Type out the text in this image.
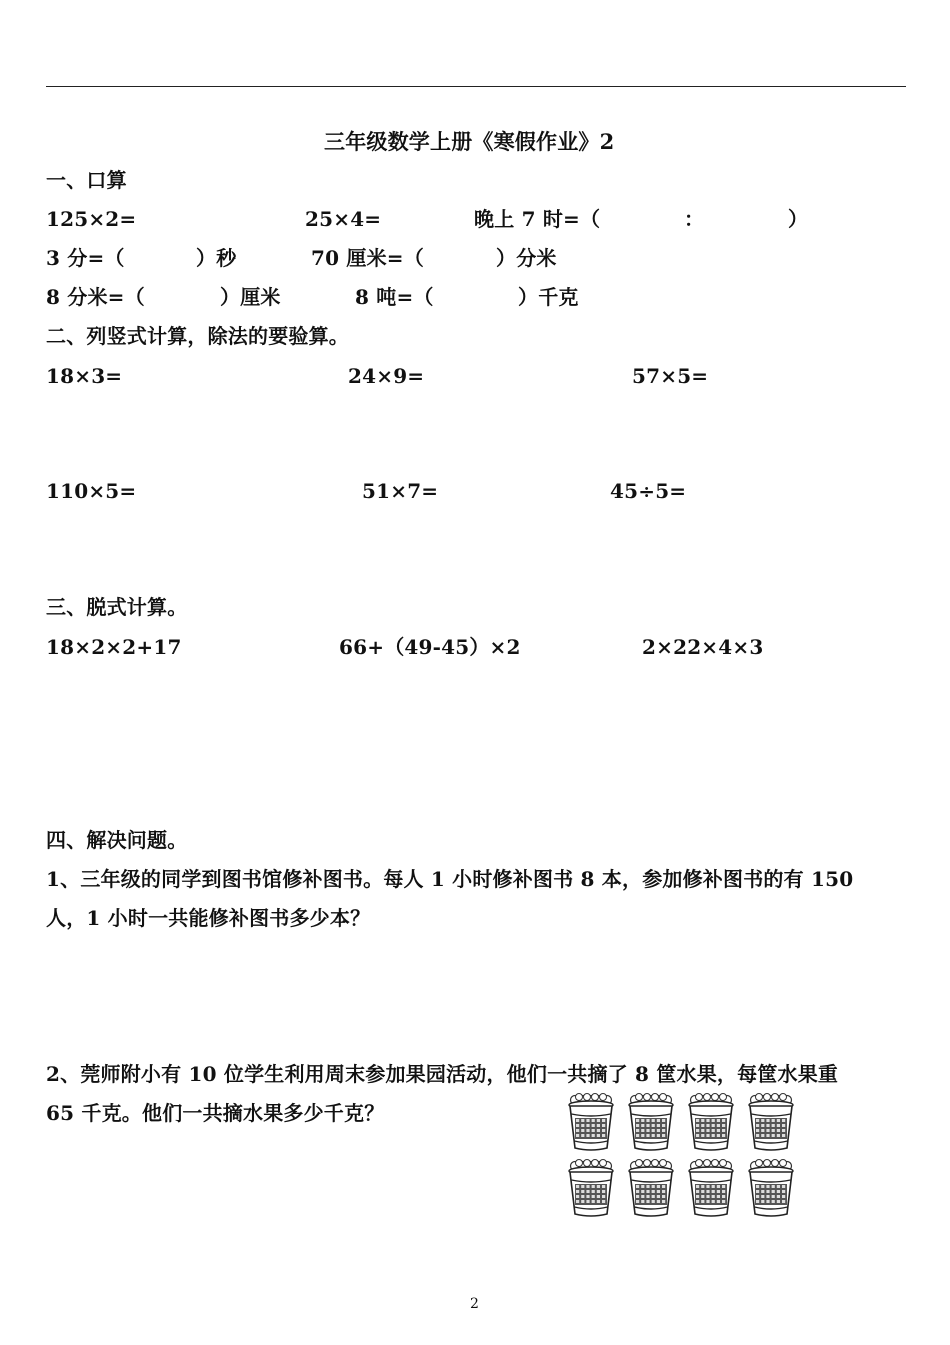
三年级数学上册《寒假作业》2
一、口算
125×2=	25×4=	晚上 7 时=（	：	）
3 分=（	）秒	70 厘米=（	）分米
8 分米=（	）厘米	8 吨=（	）千克
二、列竖式计算，除法的要验算。
18×3=	24×9=	57×5=
110×5=	51×7=	45÷5=
三、脱式计算。
18×2×2+17	66+（49-45）×2	2×22×4×3
四、解决问题。
1、三年级的同学到图书馆修补图书。每人 1 小时修补图书 8 本，参加修补图书的有 150
人，1 小时一共能修补图书多少本？
2、莞师附小有 10 位学生利用周末参加果园活动，他们一共摘了 8 筐水果，每筐水果重
65 千克。他们一共摘水果多少千克？
2
